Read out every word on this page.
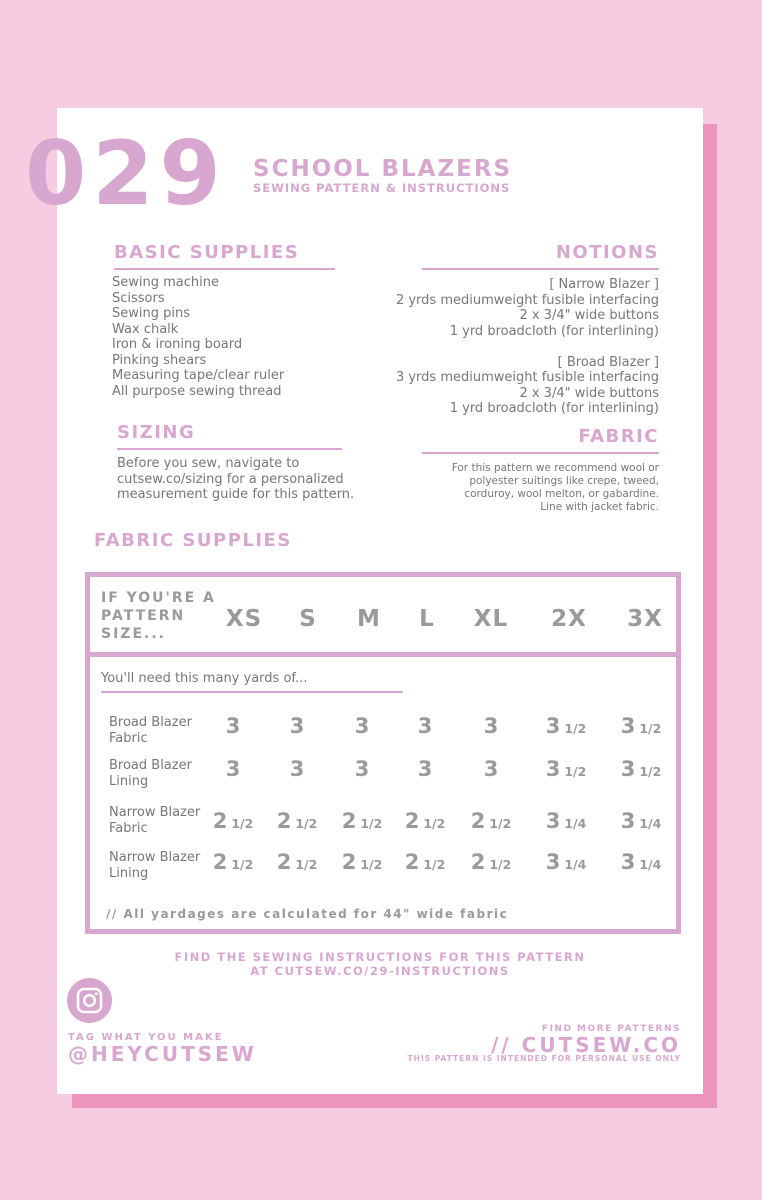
029 SCHOOL BLAZERS
SEWING PATTERN & INSTRUCTIONS
BASIC SUPPLIES
Sewing machine
Scissors
Sewing pins
Wax chalk
Iron & ironing board
Pinking shears
Measuring tape/clear ruler
All purpose sewing thread
NOTIONS
[ Narrow Blazer ]
2 yrds mediumweight fusible interfacing
2 x 3/4" wide buttons
1 yrd broadcloth (for interlining)
[ Broad Blazer ]
3 yrds mediumweight fusible interfacing
2 x 3/4" wide buttons
1 yrd broadcloth (for interlining)
SIZING
Before you sew, navigate to
cutsew.co/sizing for a personalized
measurement guide for this pattern.
FABRIC
For this pattern we recommend wool or
polyester suitings like crepe, tweed,
corduroy, wool melton, or gabardine.
Line with jacket fabric.
FABRIC SUPPLIES
IF YOU'RE A
PATTERN
SIZE...
XS	S	M	L	XL	2X	3X
You'll need this many yards of...
Broad Blazer
Fabric
3	3	3	3	3	3 1/2	3 1/2
Broad Blazer
Lining
3	3	3	3	3	3 1/2	3 1/2
Narrow Blazer
Fabric	2 1/2	2 1/2	2 1/2	2 1/2	2 1/2	3 1/4	3 1/4
Narrow Blazer
Lining	2 1/2	2 1/2	2 1/2	2 1/2	2 1/2	3 1/4	3 1/4
// All yardages are calculated for 44" wide fabric
FIND THE SEWING INSTRUCTIONS FOR THIS PATTERN
AT CUTSEW.CO/29-INSTRUCTIONS
TAG WHAT YOU MAKE
@HEYCUTSEW
FIND MORE PATTERNS
// CUTSEW.CO
THIS PATTERN IS INTENDED FOR PERSONAL USE ONLY
